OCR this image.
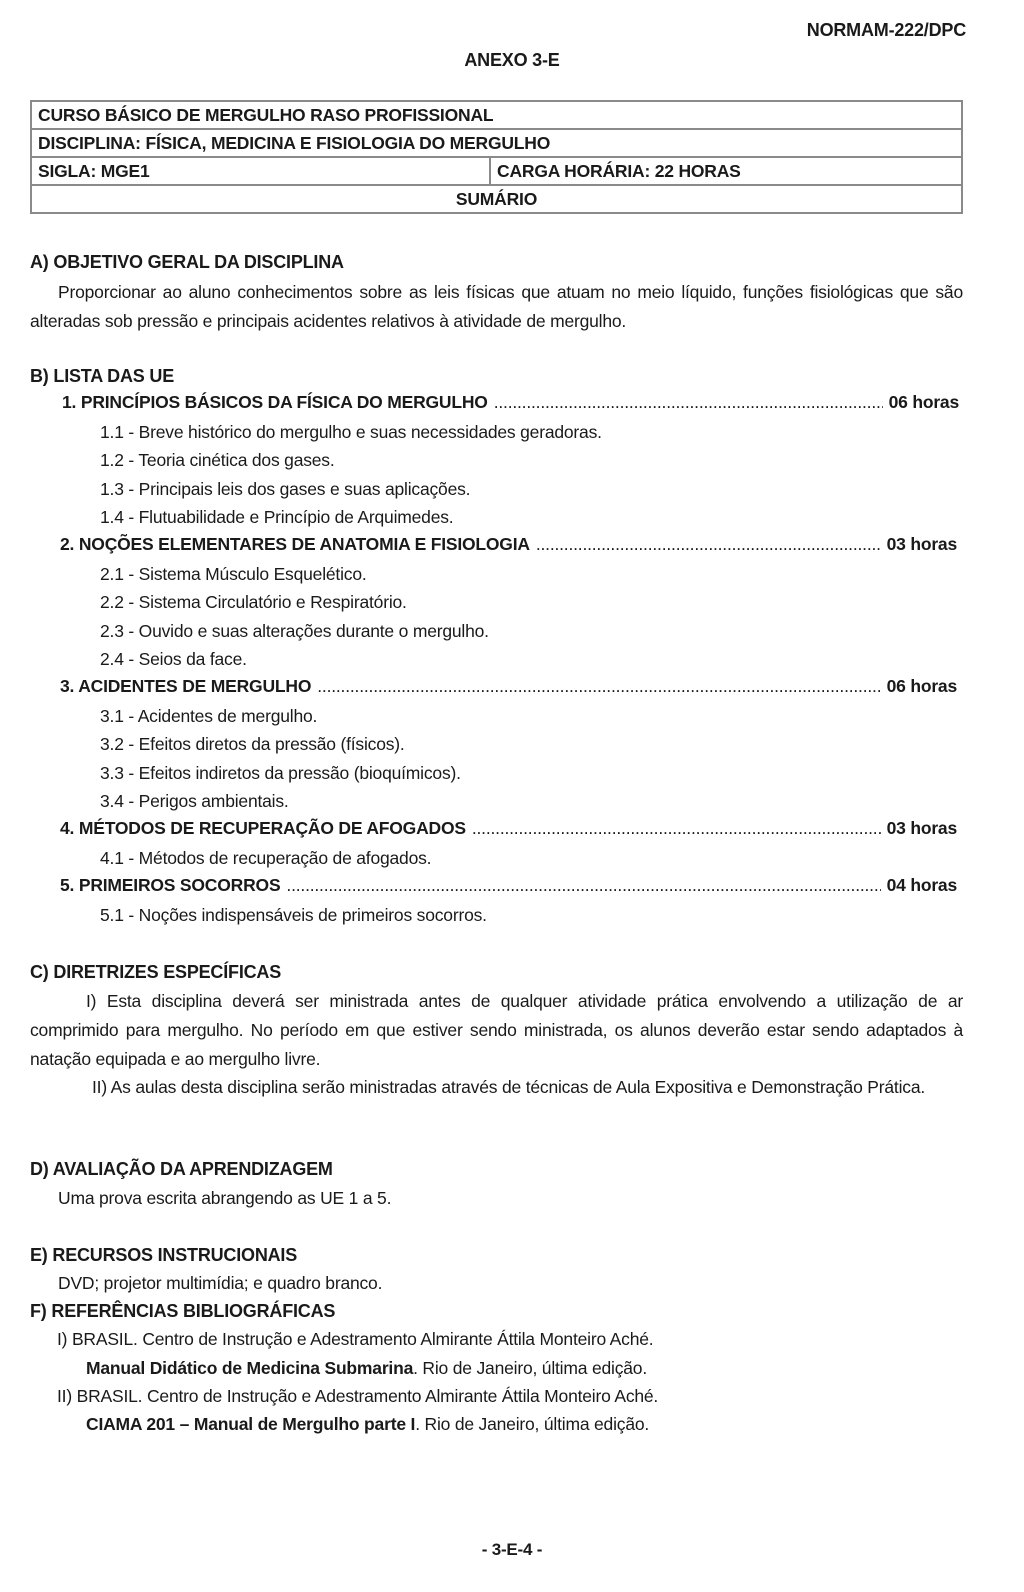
NORMAM-222/DPC
ANEXO 3-E
CURSO BÁSICO DE MERGULHO RASO PROFISSIONAL
DISCIPLINA: FÍSICA, MEDICINA E FISIOLOGIA DO MERGULHO
SIGLA: MGE1	CARGA HORÁRIA: 22 HORAS
SUMÁRIO
A) OBJETIVO GERAL DA DISCIPLINA
Proporcionar ao aluno conhecimentos sobre as leis físicas que atuam no meio líquido, funções fisiológicas que são alteradas sob pressão e principais acidentes relativos à atividade de mergulho.
B) LISTA DAS UE
1. PRINCÍPIOS BÁSICOS DA FÍSICA DO MERGULHO .....	06 horas
1.1 - Breve histórico do mergulho e suas necessidades geradoras.
1.2 - Teoria cinética dos gases.
1.3 - Principais leis dos gases e suas aplicações.
1.4 - Flutuabilidade e Princípio de Arquimedes.
2. NOÇÕES ELEMENTARES DE ANATOMIA E FISIOLOGIA .....	03 horas
2.1 - Sistema Músculo Esquelético.
2.2 - Sistema Circulatório e Respiratório.
2.3 - Ouvido e suas alterações durante o mergulho.
2.4 - Seios da face.
3. ACIDENTES DE MERGULHO .....	06 horas
3.1 - Acidentes de mergulho.
3.2 - Efeitos diretos da pressão (físicos).
3.3 - Efeitos indiretos da pressão (bioquímicos).
3.4 - Perigos ambientais.
4. MÉTODOS DE RECUPERAÇÃO DE AFOGADOS .....	03 horas
4.1 - Métodos de recuperação de afogados.
5. PRIMEIROS SOCORROS .....	04 horas
5.1 - Noções indispensáveis de primeiros socorros.
C) DIRETRIZES ESPECÍFICAS
I) Esta disciplina deverá ser ministrada antes de qualquer atividade prática envolvendo a utilização de ar comprimido para mergulho. No período em que estiver sendo ministrada, os alunos deverão estar sendo adaptados à natação equipada e ao mergulho livre.
II) As aulas desta disciplina serão ministradas através de técnicas de Aula Expositiva e Demonstração Prática.
D) AVALIAÇÃO DA APRENDIZAGEM
Uma prova escrita abrangendo as UE 1 a 5.
E) RECURSOS INSTRUCIONAIS
DVD; projetor multimídia; e quadro branco.
F) REFERÊNCIAS BIBLIOGRÁFICAS
I) BRASIL. Centro de Instrução e Adestramento Almirante Áttila Monteiro Aché.
Manual Didático de Medicina Submarina. Rio de Janeiro, última edição.
II) BRASIL. Centro de Instrução e Adestramento Almirante Áttila Monteiro Aché.
CIAMA 201 – Manual de Mergulho parte I. Rio de Janeiro, última edição.
- 3-E-4 -
